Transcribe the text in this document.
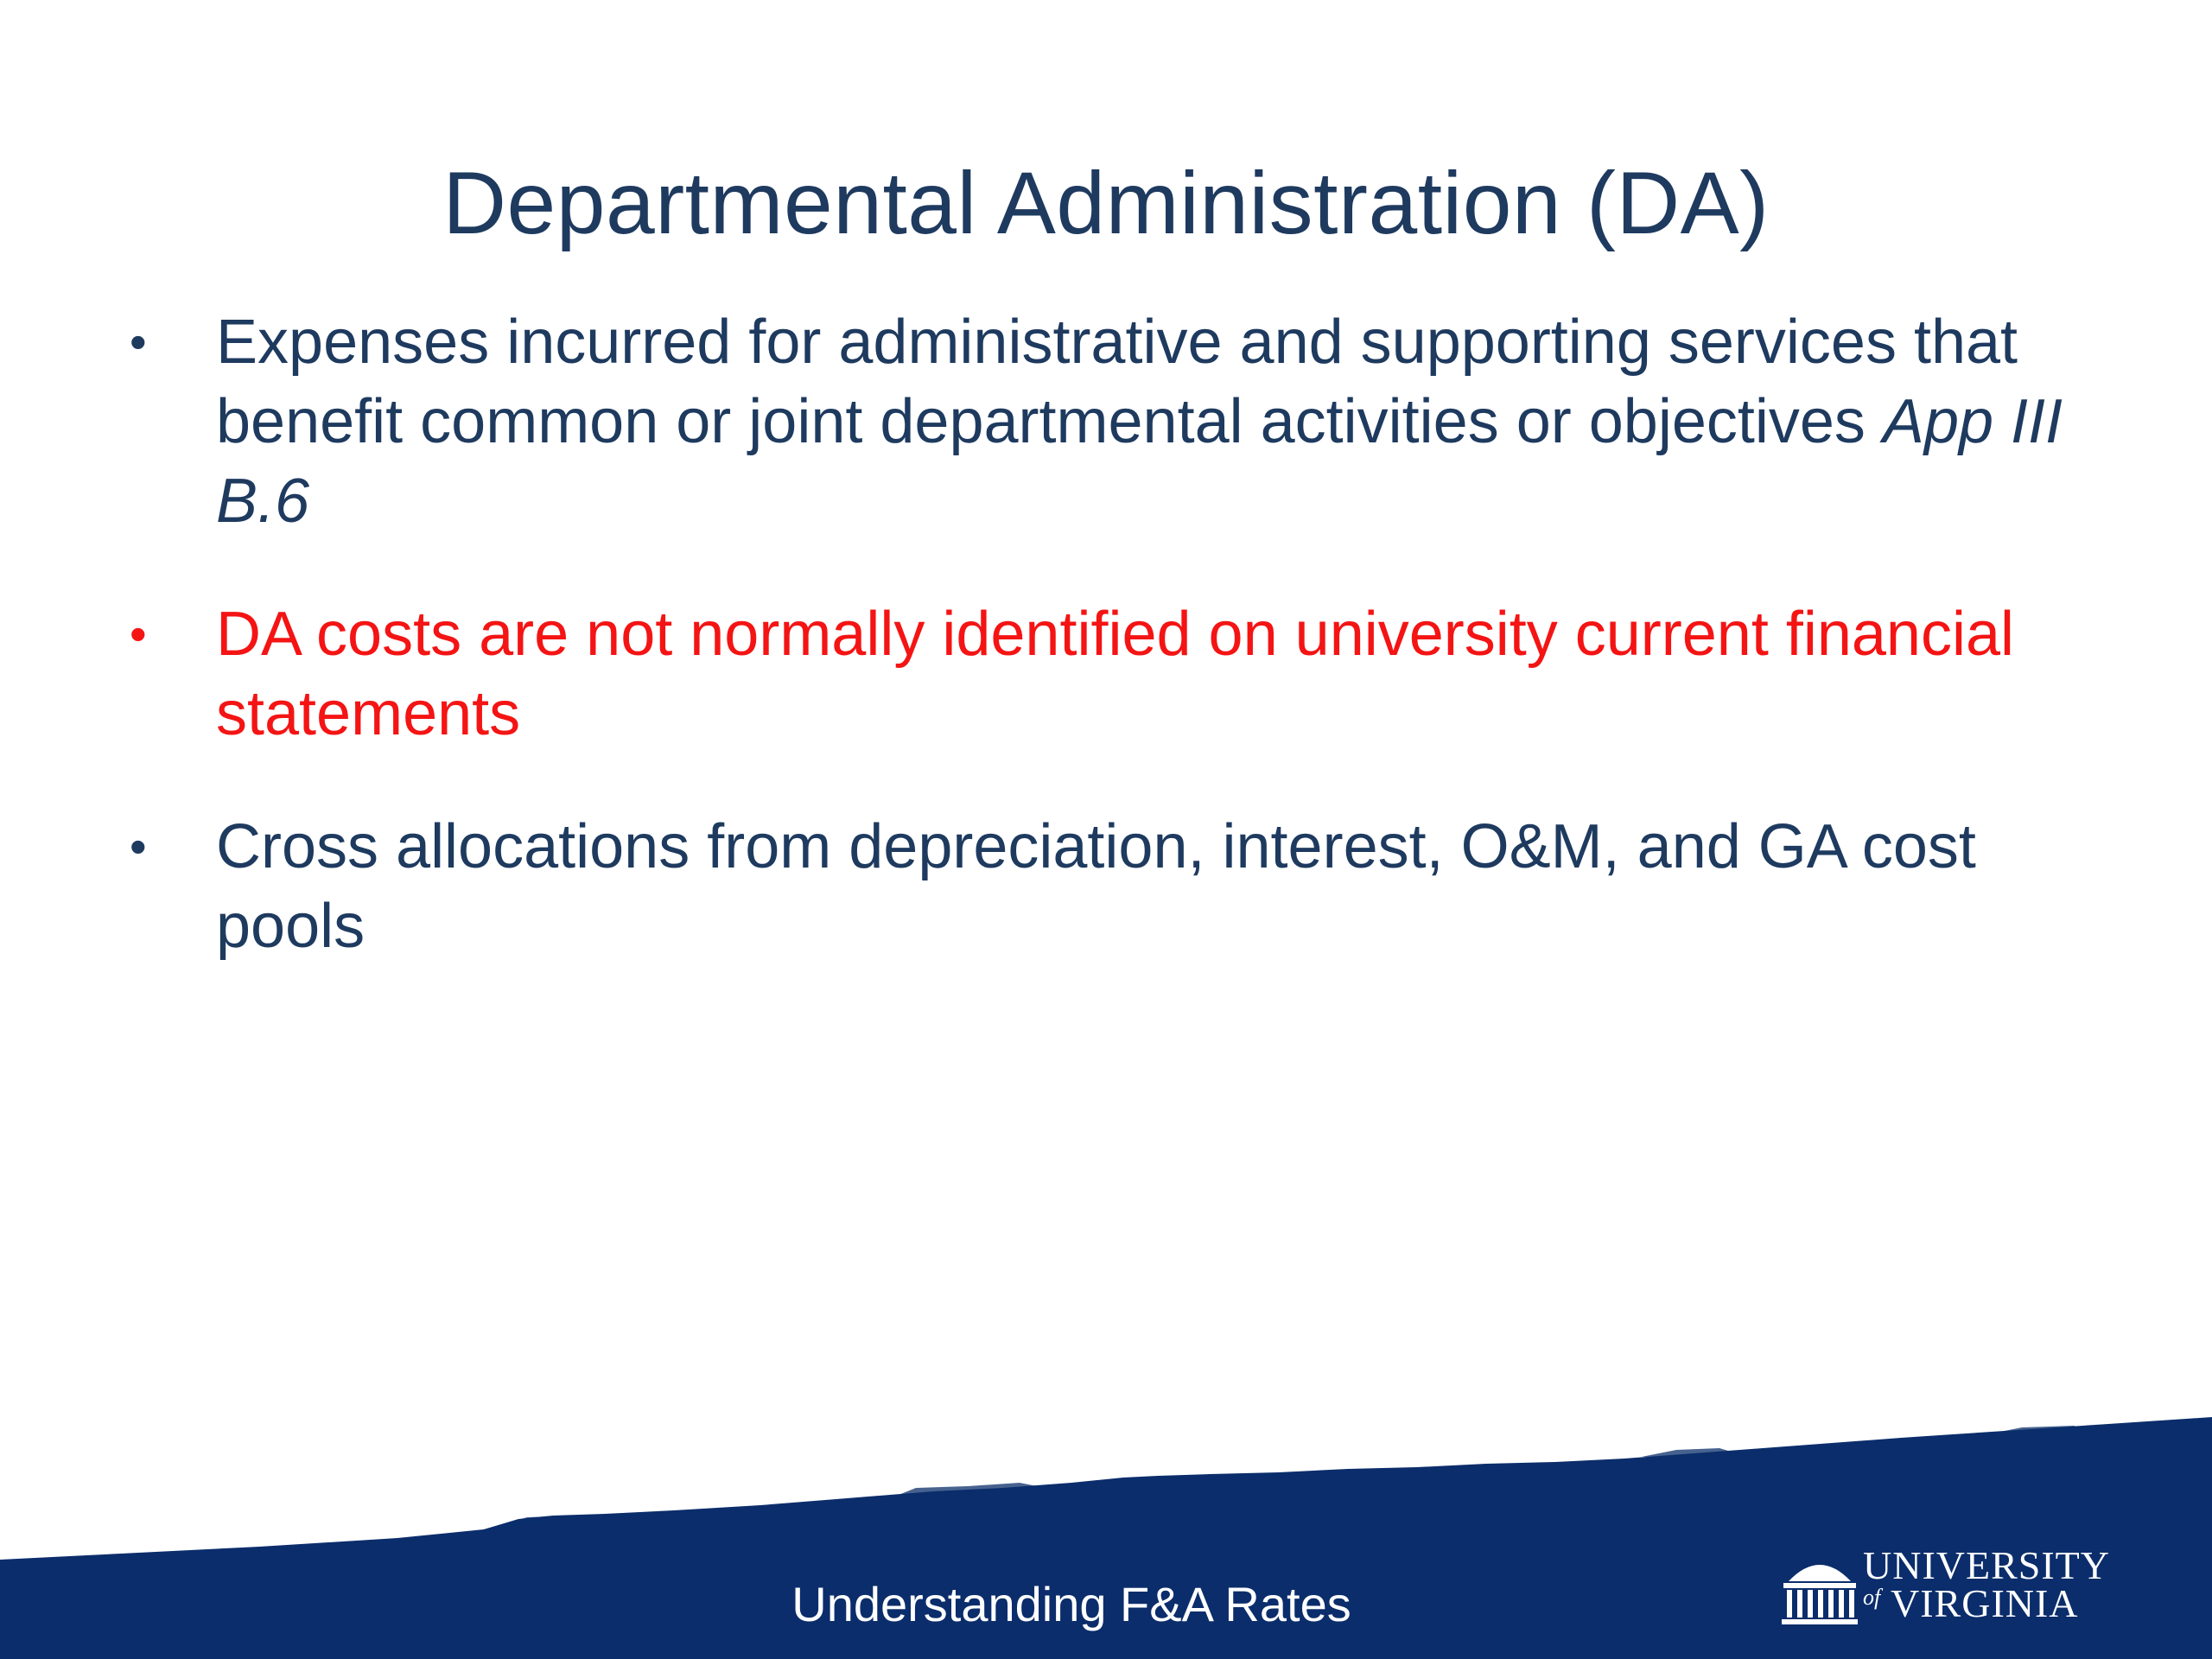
Departmental Administration (DA)
• Expenses incurred for administrative and supporting services that benefit common or joint departmental activities or objectives App III B.6
• DA costs are not normally identified on university current financial statements
• Cross allocations from depreciation, interest, O&M, and GA cost pools
Understanding F&A Rates
UNIVERSITY
of VIRGINIA
